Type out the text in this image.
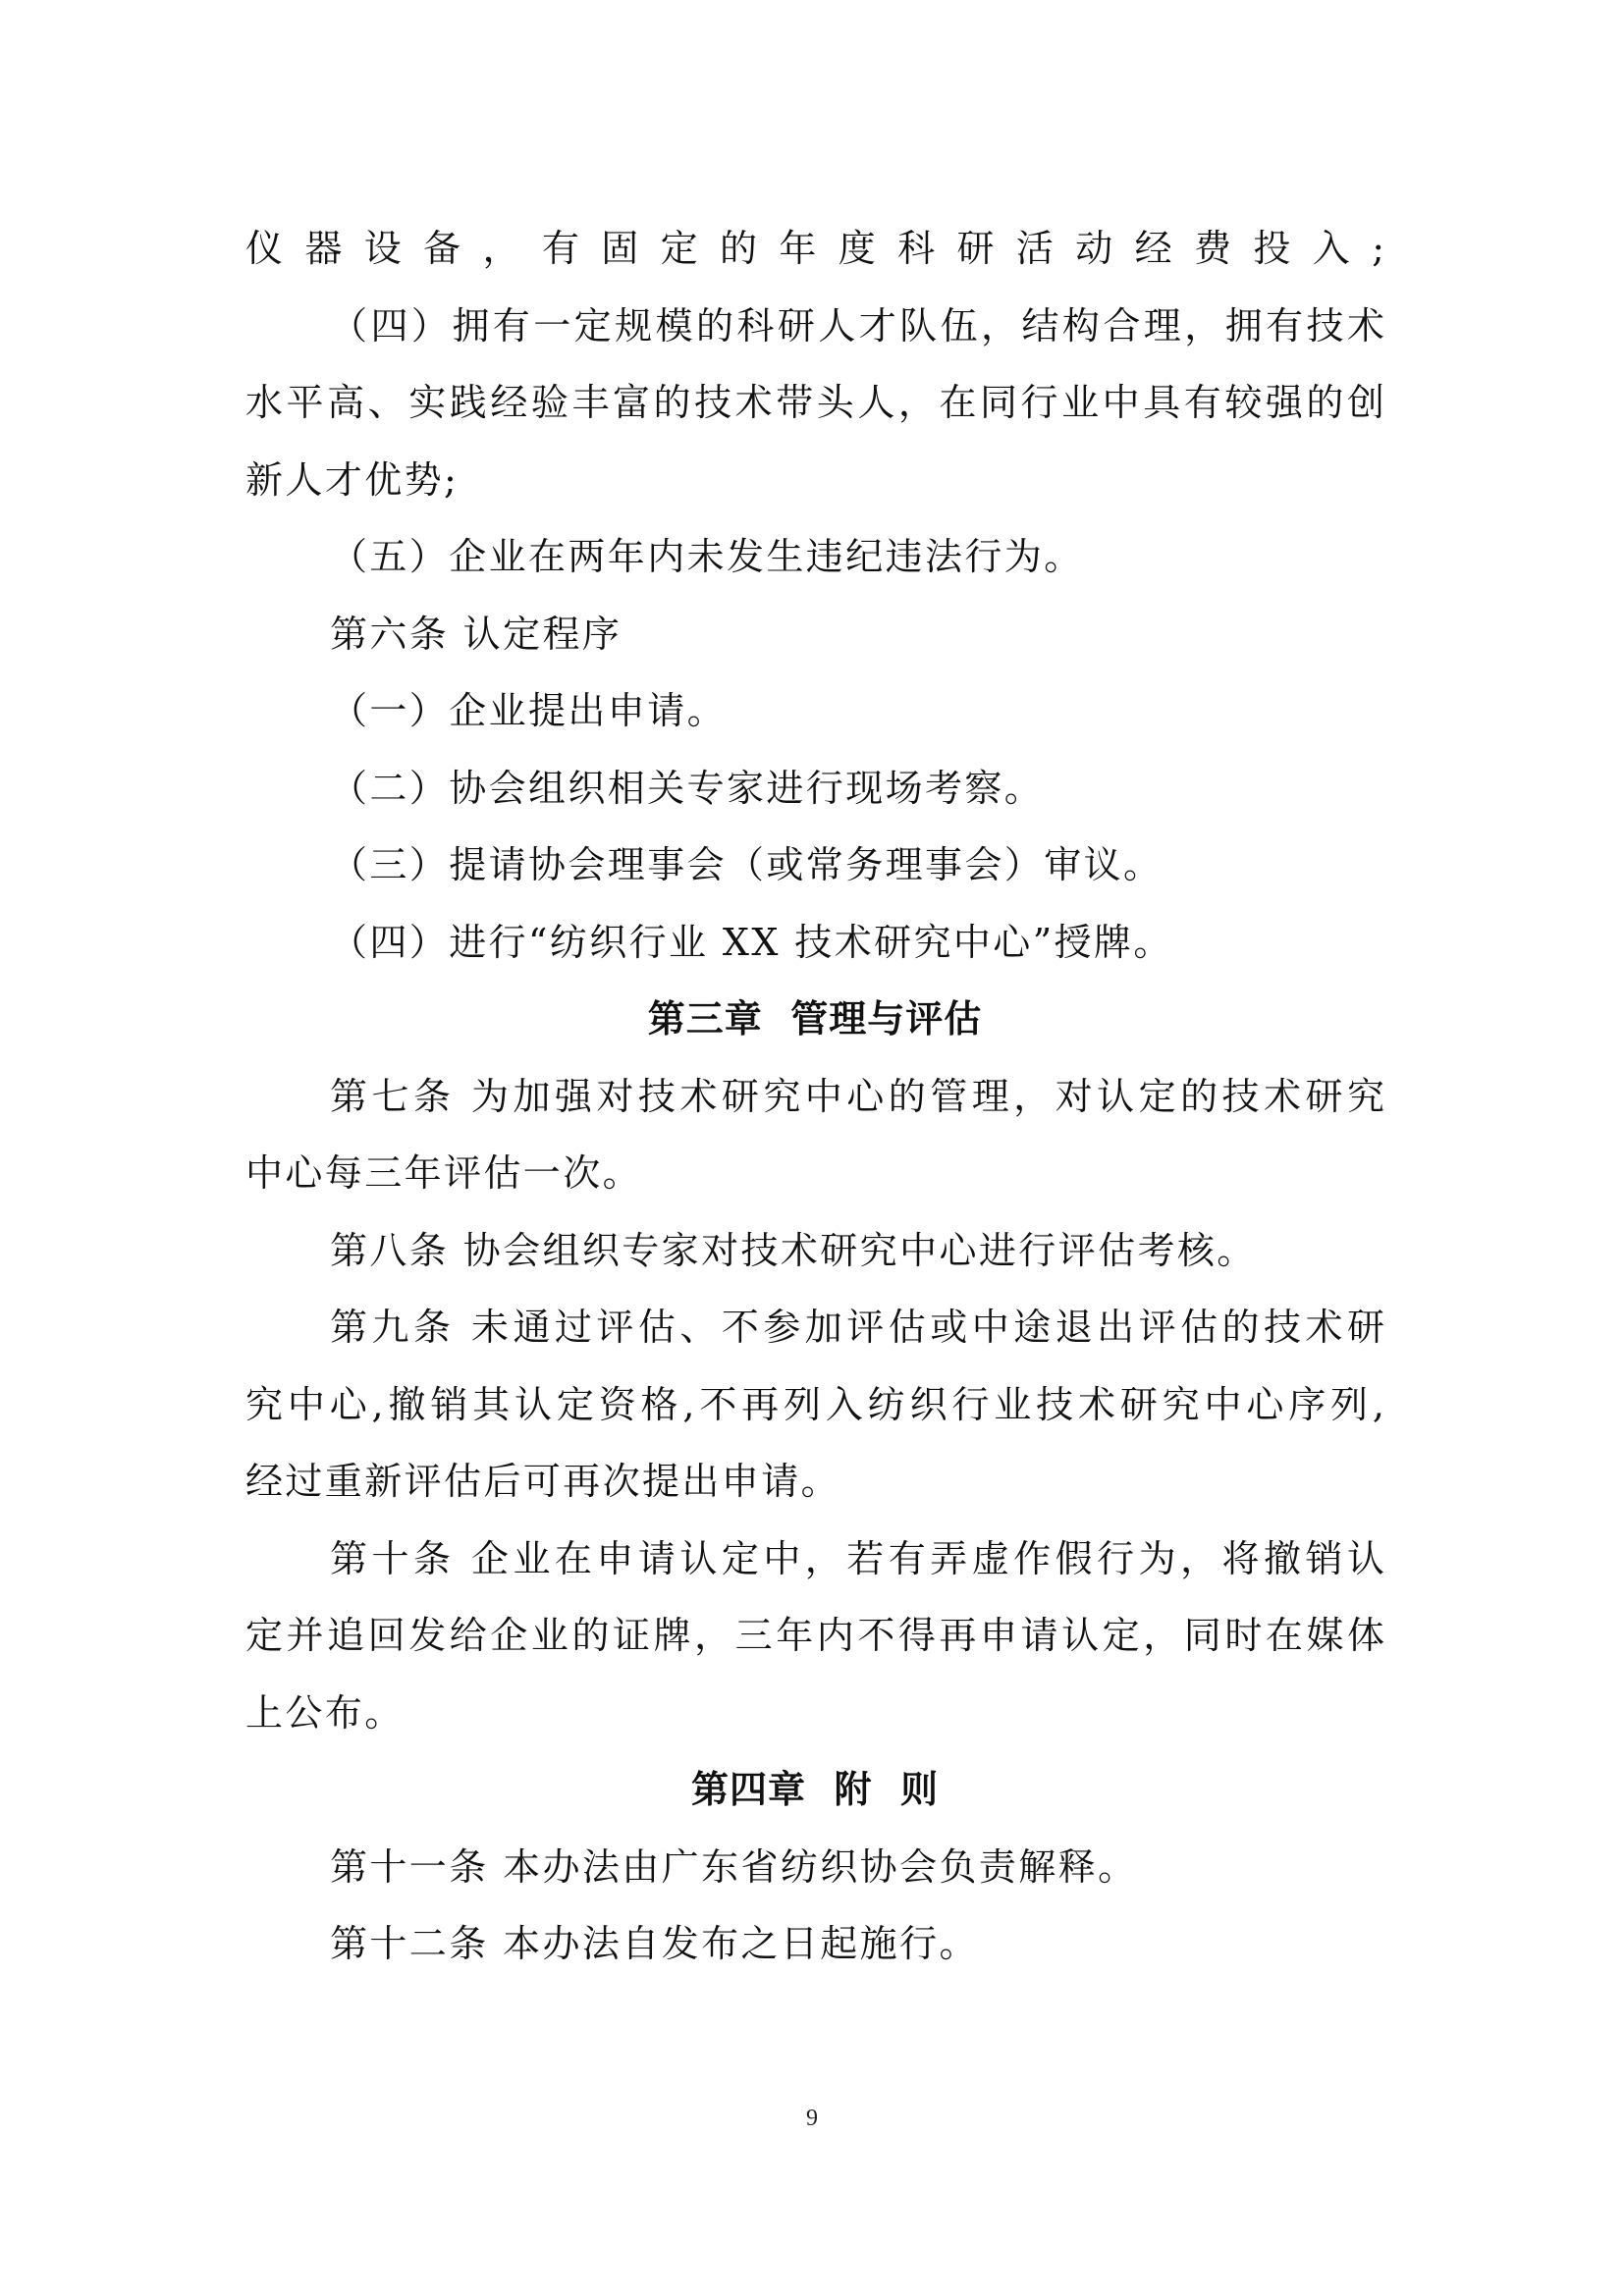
仪器设备，有固定的年度科研活动经费投入;
（四）拥有一定规模的科研人才队伍，结构合理，拥有技术
水平高、实践经验丰富的技术带头人，在同行业中具有较强的创
新人才优势;
（五）企业在两年内未发生违纪违法行为。
第六条 认定程序
（一）企业提出申请。
（二）协会组织相关专家进行现场考察。
（三）提请协会理事会（或常务理事会）审议。
（四）进行“纺织行业 XX 技术研究中心”授牌。
第三章  管理与评估
第七条 为加强对技术研究中心的管理，对认定的技术研究
中心每三年评估一次。
第八条 协会组织专家对技术研究中心进行评估考核。
第九条 未通过评估、不参加评估或中途退出评估的技术研
究中心,撤销其认定资格,不再列入纺织行业技术研究中心序列,
经过重新评估后可再次提出申请。
第十条 企业在申请认定中，若有弄虚作假行为，将撤销认
定并追回发给企业的证牌，三年内不得再申请认定，同时在媒体
上公布。
第四章  附  则
第十一条 本办法由广东省纺织协会负责解释。
第十二条 本办法自发布之日起施行。
9
